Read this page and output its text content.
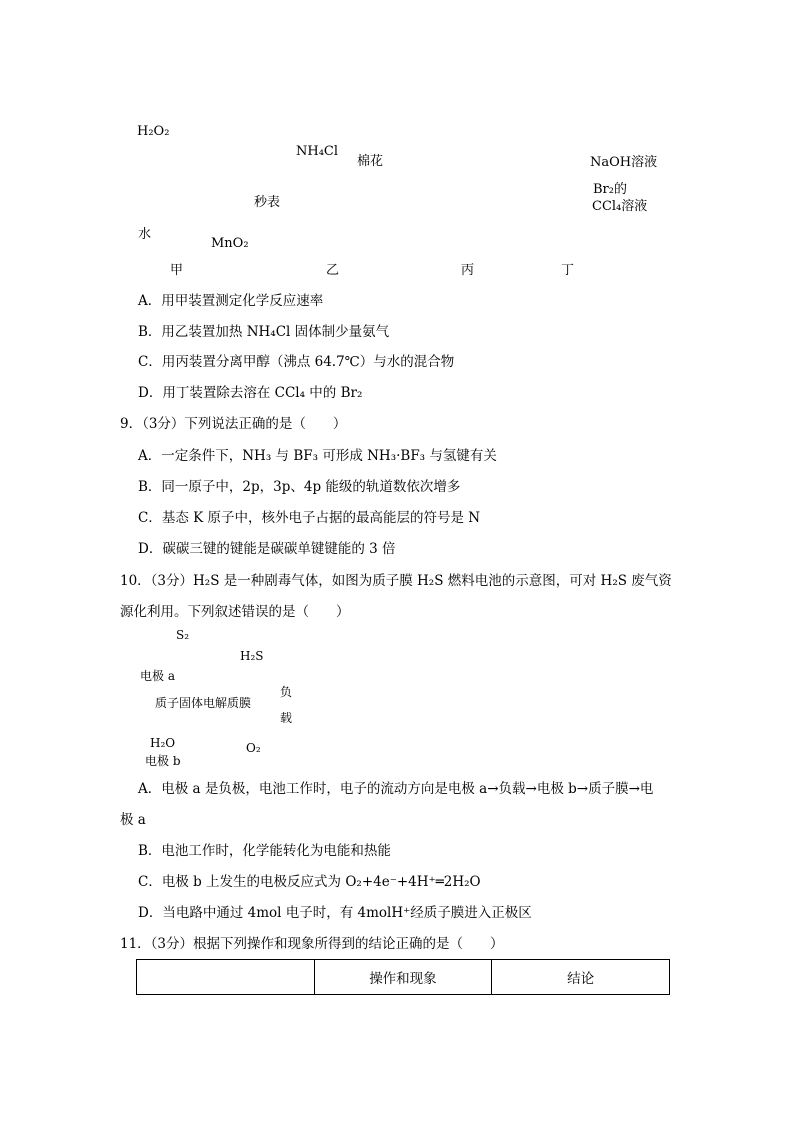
H₂O₂
水
MnO₂
秒表
甲
NH₄Cl
棉花
乙	丙
NaOH溶液
Br₂的
CCl₄溶液
丁
A．用甲装置测定化学反应速率
B．用乙装置加热 NH₄Cl 固体制少量氨气
C．用丙装置分离甲醇（沸点 64.7℃）与水的混合物
D．用丁装置除去溶在 CCl₄ 中的 Br₂
9．（3分）下列说法正确的是（　　）
A．一定条件下，NH₃ 与 BF₃ 可形成 NH₃·BF₃ 与氢键有关
B．同一原子中，2p，3p、4p 能级的轨道数依次增多
C．基态 K 原子中，核外电子占据的最高能层的符号是 N
D．碳碳三键的键能是碳碳单键键能的 3 倍
10．（3分）H₂S 是一种剧毒气体，如图为质子膜 H₂S 燃料电池的示意图，可对 H₂S 废气资
源化利用。下列叙述错误的是（　　）
S₂
电极 a
H₂S
质子固体电解质膜
负
载
H₂O
电极 b
O₂
A．电极 a 是负极，电池工作时，电子的流动方向是电极 a→负载→电极 b→质子膜→电
极 a
B．电池工作时，化学能转化为电能和热能
C．电极 b 上发生的电极反应式为 O₂+4e⁻+4H⁺═2H₂O
D．当电路中通过 4mol 电子时，有 4molH⁺经质子膜进入正极区
11．（3分）根据下列操作和现象所得到的结论正确的是（　　）
	操作和现象	结论
